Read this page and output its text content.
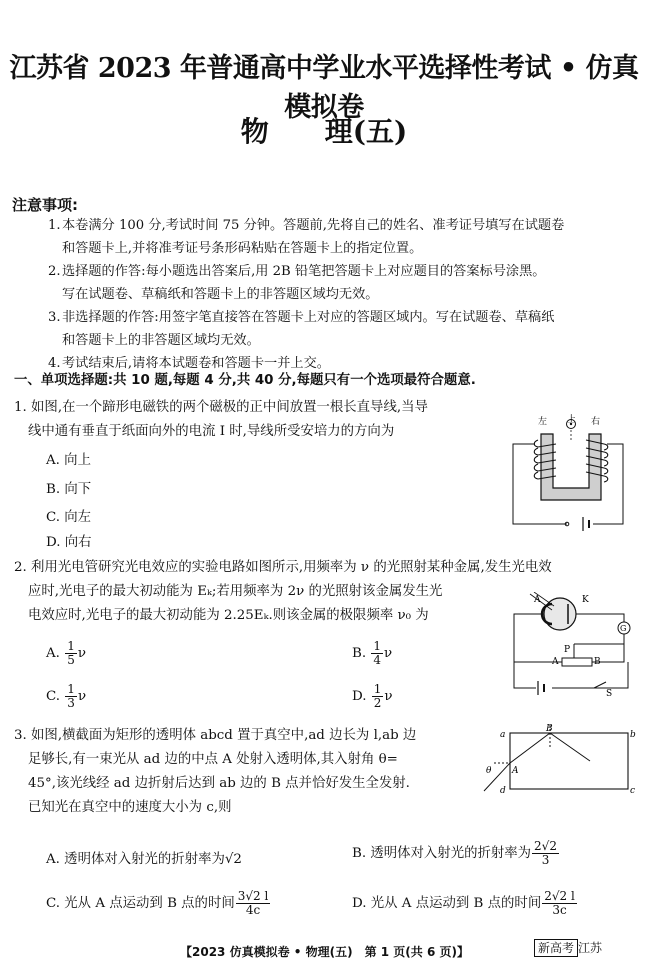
江苏省 2023 年普通高中学业水平选择性考试 • 仿真模拟卷
物　　理(五)
注意事项:
1.本卷满分 100 分,考试时间 75 分钟。答题前,先将自己的姓名、准考证号填写在试题卷
和答题卡上,并将准考证号条形码粘贴在答题卡上的指定位置。
2.选择题的作答:每小题选出答案后,用 2B 铅笔把答题卡上对应题目的答案标号涂黑。
写在试题卷、草稿纸和答题卡上的非答题区域均无效。
3.非选择题的作答:用签字笔直接答在答题卡上对应的答题区域内。写在试题卷、草稿纸
和答题卡上的非答题区域均无效。
4.考试结束后,请将本试题卷和答题卡一并上交。
一、单项选择题:共 10 题,每题 4 分,共 40 分,每题只有一个选项最符合题意.
1. 如图,在一个蹄形电磁铁的两个磁极的正中间放置一根长直导线,当导
线中通有垂直于纸面向外的电流 I 时,导线所受安培力的方向为
A. 向上
B. 向下
C. 向左
D. 向右
上
左	右
2. 利用光电管研究光电效应的实验电路如图所示,用频率为 ν 的光照射某种金属,发生光电效
应时,光电子的最大初动能为 Eₖ;若用频率为 2ν 的光照射该金属发生光
电效应时,光电子的最大初动能为 2.25Eₖ.则该金属的极限频率 ν₀ 为
A. $\frac{1}{5}$ ν	B. $\frac{1}{4}$ ν
C. $\frac{1}{3}$ ν	D. $\frac{1}{2}$ ν
A	K
G
P
A	B
S
3. 如图,横截面为矩形的透明体 abcd 置于真空中,ad 边长为 l,ab 边
足够长,有一束光从 ad 边的中点 A 处射入透明体,其入射角 θ=
45°,该光线经 ad 边折射后达到 ab 边的 B 点并恰好发生全发射.
已知光在真空中的速度大小为 c,则
a	b
c
d
A
B
θ
A. 透明体对入射光的折射率为√2	B. 透明体对入射光的折射率为 $\frac{2√2}{3}$
C. 光从 A 点运动到 B 点的时间 $\frac{3√2 l}{4c}$	D. 光从 A 点运动到 B 点的时间 $\frac{2√2 l}{3c}$
【2023 仿真模拟卷 • 物理(五)　第 1 页(共 6 页)】	新高考 江苏
